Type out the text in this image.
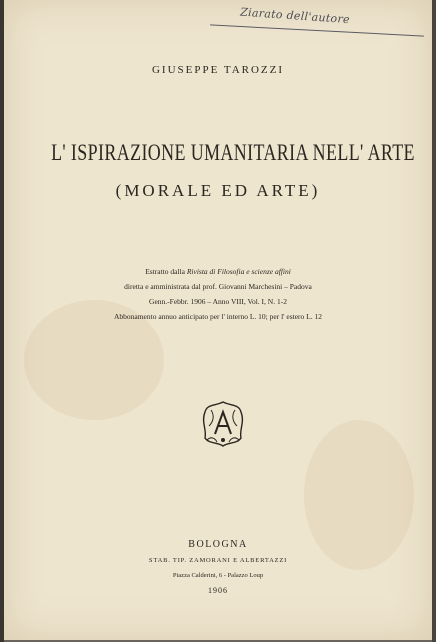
Ziarato dell'autore
GIUSEPPE TAROZZI
L' ISPIRAZIONE UMANITARIA NELL' ARTE
(MORALE ED ARTE)
Estratto dalla Rivista di Filosofia e scienze affini
diretta e amministrata dal prof. Giovanni Marchesini – Padova
Genn.-Febbr. 1906 – Anno VIII, Vol. I, N. 1-2
Abbonamento annuo anticipato per l' interno L. 10; per l' estero L. 12
BOLOGNA
STAB. TIP. ZAMORANI E ALBERTAZZI
Piazza Calderini, 6 - Palazzo Loup
1906
